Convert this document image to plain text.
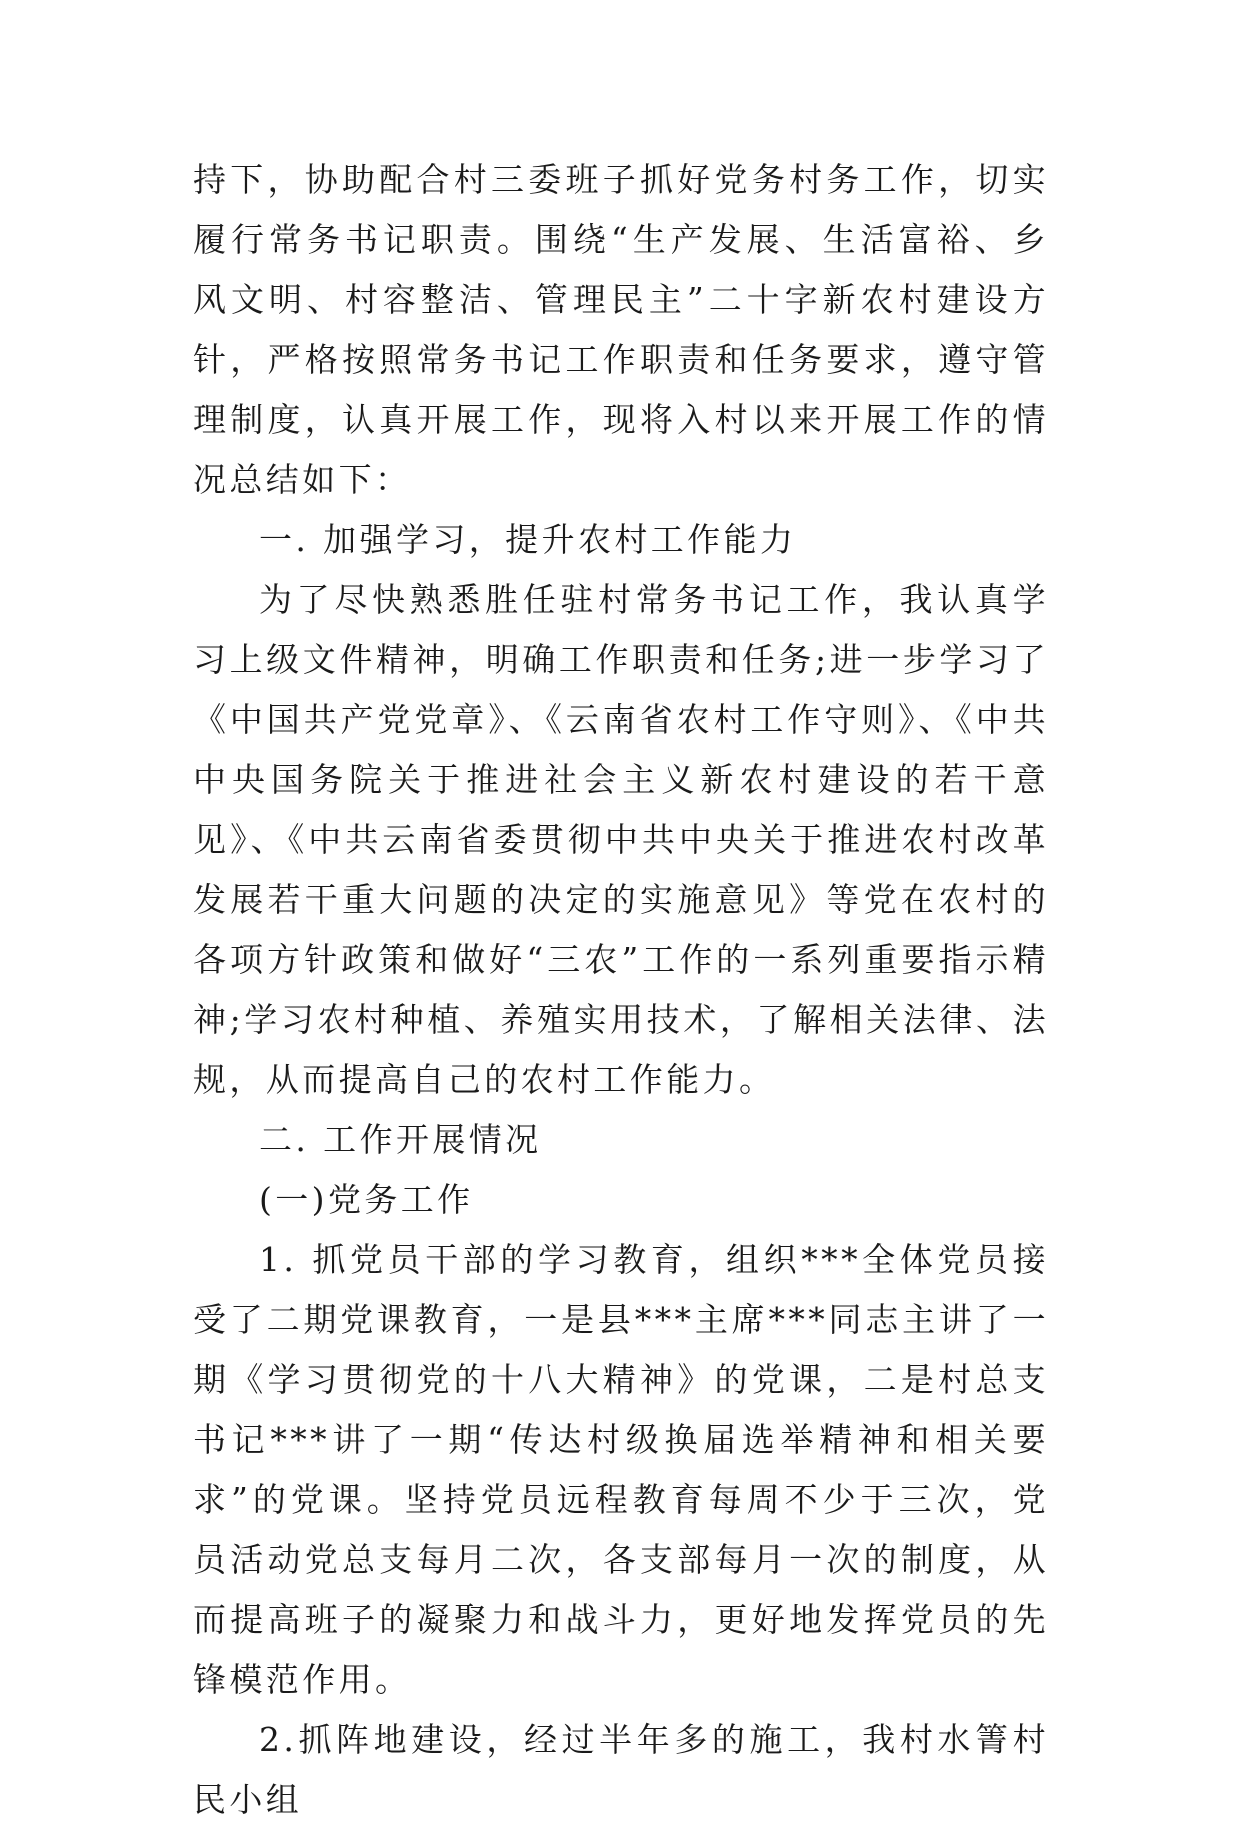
持下，协助配合村三委班子抓好党务村务工作，切实履行常务书记职责。围绕“生产发展、生活富裕、乡风文明、村容整洁、管理民主”二十字新农村建设方针，严格按照常务书记工作职责和任务要求，遵守管理制度，认真开展工作，现将入村以来开展工作的情况总结如下：

一. 加强学习，提升农村工作能力

为了尽快熟悉胜任驻村常务书记工作，我认真学习上级文件精神，明确工作职责和任务;进一步学习了《中国共产党党章》、《云南省农村工作守则》、《中共中央国务院关于推进社会主义新农村建设的若干意见》、《中共云南省委贯彻中共中央关于推进农村改革发展若干重大问题的决定的实施意见》等党在农村的各项方针政策和做好“三农”工作的一系列重要指示精神;学习农村种植、养殖实用技术，了解相关法律、法规，从而提高自己的农村工作能力。

二. 工作开展情况

(一)党务工作

1. 抓党员干部的学习教育，组织***全体党员接受了二期党课教育，一是县***主席***同志主讲了一期《学习贯彻党的十八大精神》的党课，二是村总支书记***讲了一期“传达村级换届选举精神和相关要求”的党课。坚持党员远程教育每周不少于三次，党员活动党总支每月二次，各支部每月一次的制度，从而提高班子的凝聚力和战斗力，更好地发挥党员的先锋模范作用。

2.抓阵地建设，经过半年多的施工，我村水箐村民小组
